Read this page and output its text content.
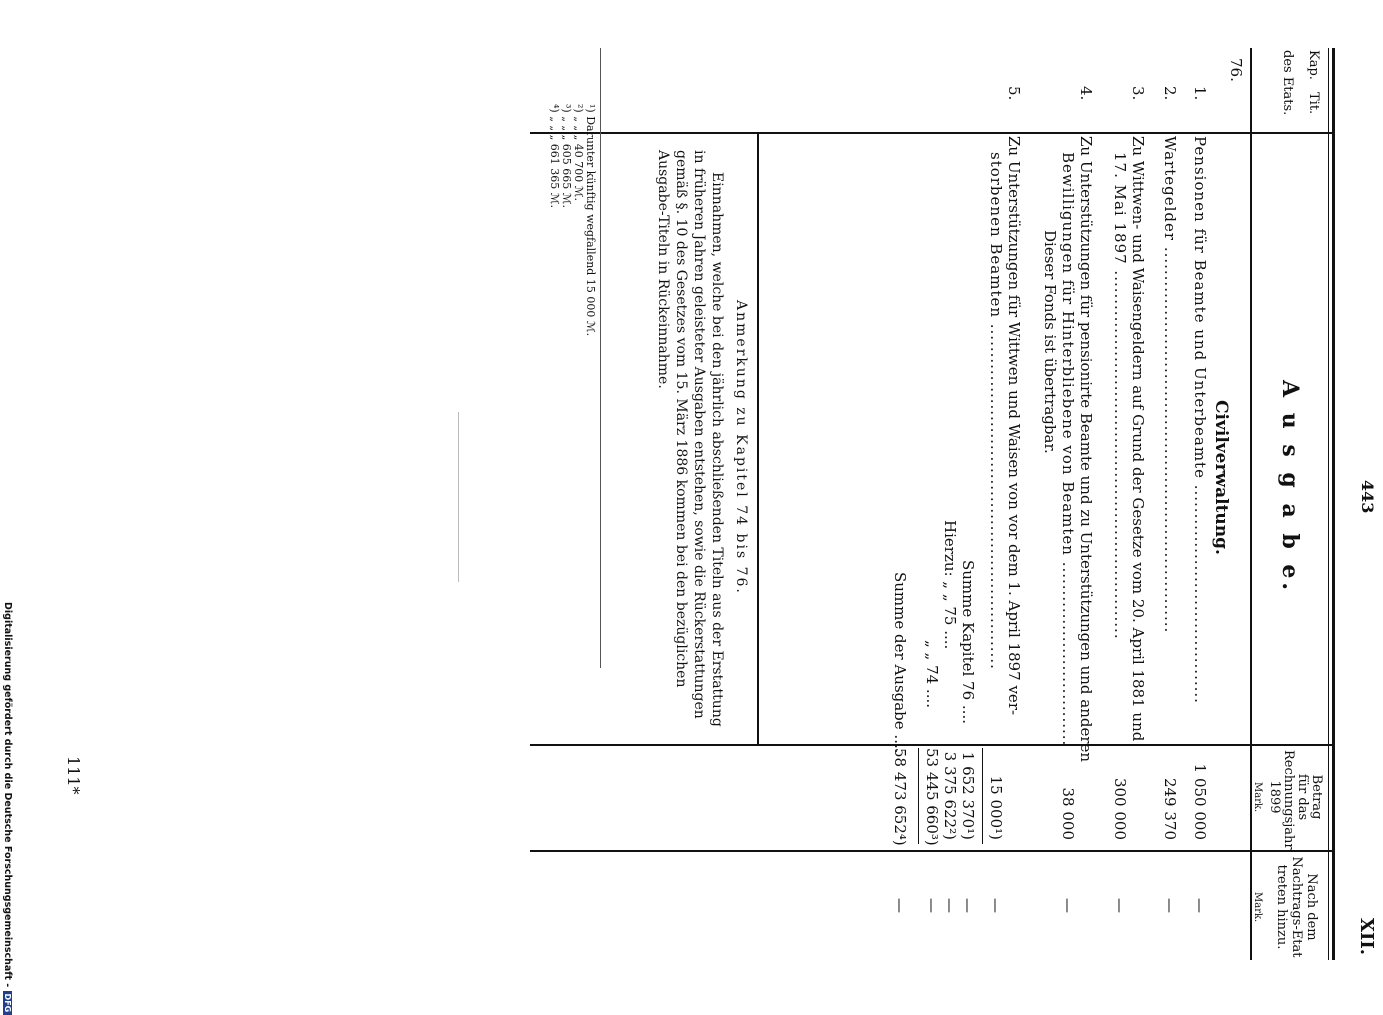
443
XII.
Kap.
Tit.
des Etats.
A u s g a b e.
Betrag
für das
Rechnungsjahr
1899
Mark.
Nach dem
Nachtrags-Etat
treten hinzu.
Mark.
76.
Civilverwaltung.
1.
Pensionen für Beamte und Unterbeamte ......................................
1 050 000
—
2.
Wartegelder ...................................................................
249 370
—
3.
Zu Wittwen- und Waisengeldern auf Grund der Gesetze vom 20. April 1881 und
17. Mai 1897 ................................................................
300 000
—
4.
Zu Unterstützungen für pensionirte Beamte und zu Unterstützungen und anderen
Bewilligungen für Hinterbliebene von Beamten ................................
Dieser Fonds ist übertragbar.
38 000
—
5.
Zu Unterstützungen für Wittwen und Waisen von vor dem 1. April 1897 ver-
storbenen Beamten ............................................................
15 000¹)
—
Summe Kapitel 76 ....
1 652 370¹)
—
Hierzu: „ „ 75 ....
3 375 622²)
—
„ „ 74 ....
53 445 660³)
—
Summe der Ausgabe ....
58 473 652⁴)
—
Anmerkung zu Kapitel 74 bis 76.
Einnahmen, welche bei den jährlich abschließenden Titeln aus der Erstattung
in früheren Jahren geleisteter Ausgaben entstehen, sowie die Rückerstattungen
gemäß §. 10 des Gesetzes vom 15. März 1886 kommen bei den bezüglichen
Ausgabe-Titeln in Rückeinnahme.
¹) Darunter künftig wegfallend 15 000 ℳ.
²) „ „ „ 40 700 ℳ.
³) „ „ „ 605 665 ℳ.
⁴) „ „ „ 661 365 ℳ.
111*
Digitalisierung gefördert durch die Deutsche Forschungsgemeinschaft - DFG
